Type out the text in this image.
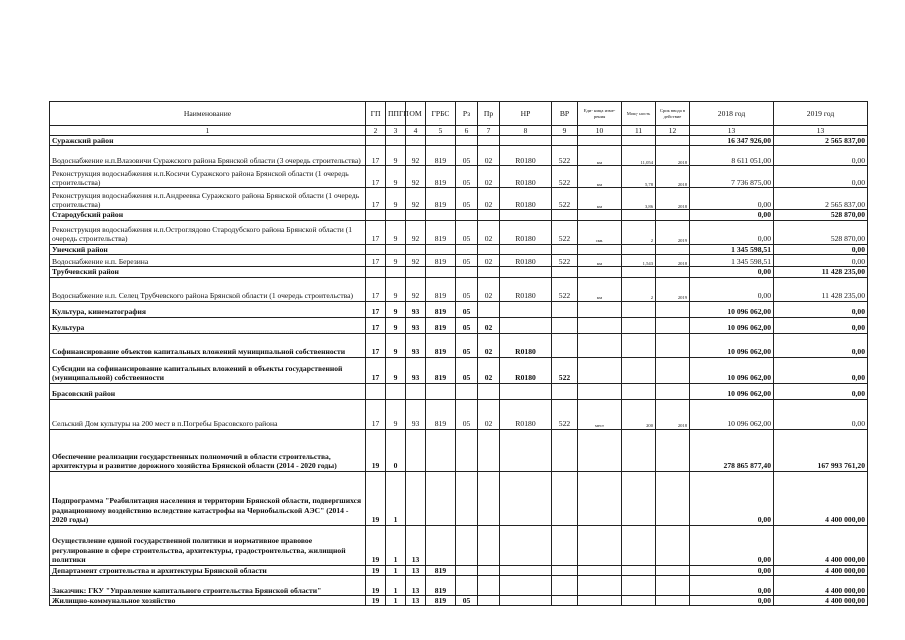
Наименование	ГП	ППГП	ОМ	ГРБС	Рз	Пр	НР	ВР	Еди- ница изме- рения	Мощ- ность	Срок ввода в действие	2018 год	2019 год
1	2	3	4	5	6	7	8	9	10	11	12	13	13
Суражский район												16 347 926,00	2 565 837,00
Водоснабжение н.п.Влазовичи Суражского района Брянской области (3 очередь строительства)	17	9	92	819	05	02	R0180	522	км	11,054	2018	8 611 051,00	0,00
Реконструкция водоснабжения н.п.Косичи Суражского района Брянской области (1 очередь строительства)	17	9	92	819	05	02	R0180	522	км	5,78	2018	7 736 875,00	0,00
Реконструкция водоснабжения н.п.Андреевка Суражского района Брянской области (1 очередь строительства)	17	9	92	819	05	02	R0180	522	км	3,86	2018	0,00	2 565 837,00
Стародубский район												0,00	528 870,00
Реконструкция водоснабжения н.п.Остроглядово Стародубского района Брянской области (1 очередь строительства)	17	9	92	819	05	02	R0180	522	скв.	2	2019	0,00	528 870,00
Унечский район												1 345 598,51	0,00
Водоснабжение н.п. Березина	17	9	92	819	05	02	R0180	522	км	1,543	2018	1 345 598,51	0,00
Трубчевский район												0,00	11 428 235,00
Водоснабжение н.п. Селец Трубчевского района Брянской области (1 очередь строительства)	17	9	92	819	05	02	R0180	522	км	2	2019	0,00	11 428 235,00
Культура, кинематография	17	9	93	819	05							10 096 062,00	0,00
Культура	17	9	93	819	05	02						10 096 062,00	0,00
Софинансирование объектов капитальных вложений муниципальной собственности	17	9	93	819	05	02	R0180					10 096 062,00	0,00
Субсидии на софинансирование капитальных вложений в объекты государственной (муниципальной) собственности	17	9	93	819	05	02	R0180	522				10 096 062,00	0,00
Брасовский район												10 096 062,00	0,00
Сельский Дом культуры на 200 мест в п.Погребы Брасовского района	17	9	93	819	05	02	R0180	522	мест	200	2018	10 096 062,00	0,00
Обеспечение реализации государственных полномочий в области строительства, архитектуры и развитие дорожного хозяйства Брянской области (2014 - 2020 годы)	19	0										278 865 877,40	167 993 761,20
Подпрограмма "Реабилитация населения и территории Брянской области, подвергшихся радиационному воздействию вследствие катастрофы на Чернобыльской АЭС" (2014 - 2020 годы)	19	1										0,00	4 400 000,00
Осуществление единой государственной политики и нормативное правовое регулирование в сфере строительства, архитектуры, градостроительства, жилищной политики	19	1	13									0,00	4 400 000,00
Департамент строительства и архитектуры Брянской области	19	1	13	819								0,00	4 400 000,00
Заказчик: ГКУ "Управление капитального строительства Брянской области"	19	1	13	819								0,00	4 400 000,00
Жилищно-коммунальное хозяйство	19	1	13	819	05							0,00	4 400 000,00
